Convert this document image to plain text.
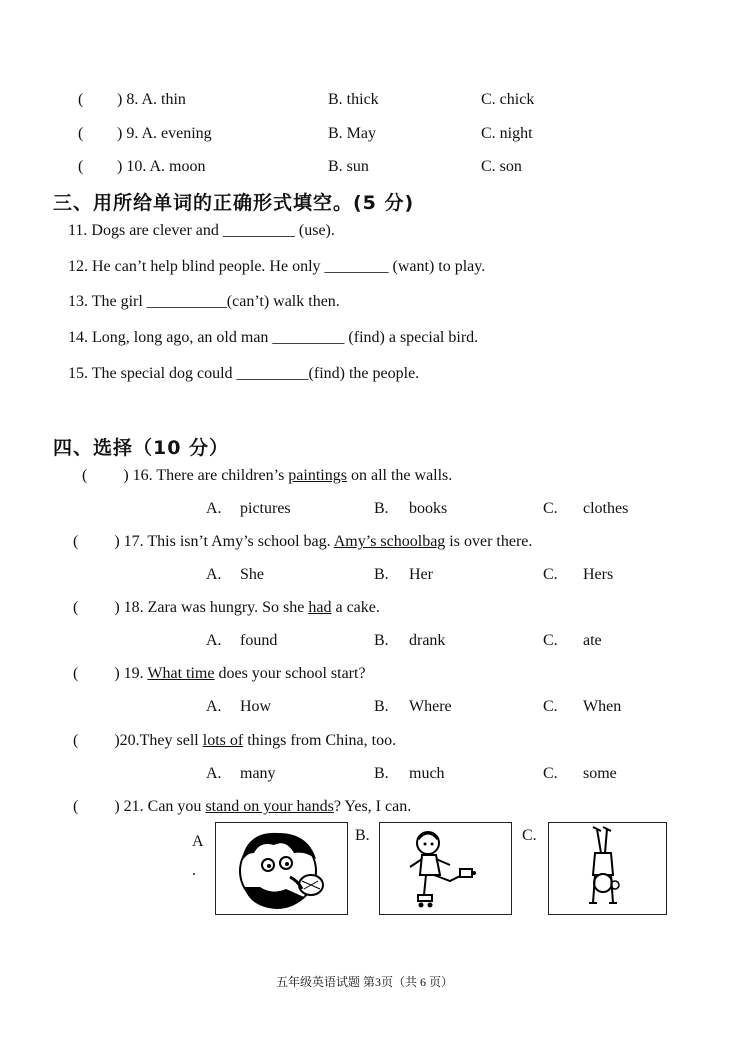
( ) 8. A. thin	B. thick	C. chick
( ) 9. A. evening	B. May	C. night
( ) 10. A. moon	B. sun	C. son
三、用所给单词的正确形式填空。(5 分)
11. Dogs are clever and _________ (use).
12. He can’t help blind people. He only ________ (want) to play.
13. The girl __________(can’t) walk then.
14. Long, long ago, an old man _________ (find) a special bird.
15. The special dog could _________(find) the people.
四、选择（10 分）
( ) 16. There are children’s paintings on all the walls.
A. pictures	B. books	C. clothes
( ) 17. This isn’t Amy’s school bag. Amy’s schoolbag is over there.
A. She	B. Her	C. Hers
( ) 18. Zara was hungry. So she had a cake.
A. found	B. drank	C. ate
( ) 19. What time does your school start?
A. How	B. Where	C. When
( )20.They sell lots of things from China, too.
A. many	B. much	C. some
( ) 21. Can you stand on your hands? Yes, I can.
A
.
B.	C.
五年级英语试题 第3页（共 6 页）
